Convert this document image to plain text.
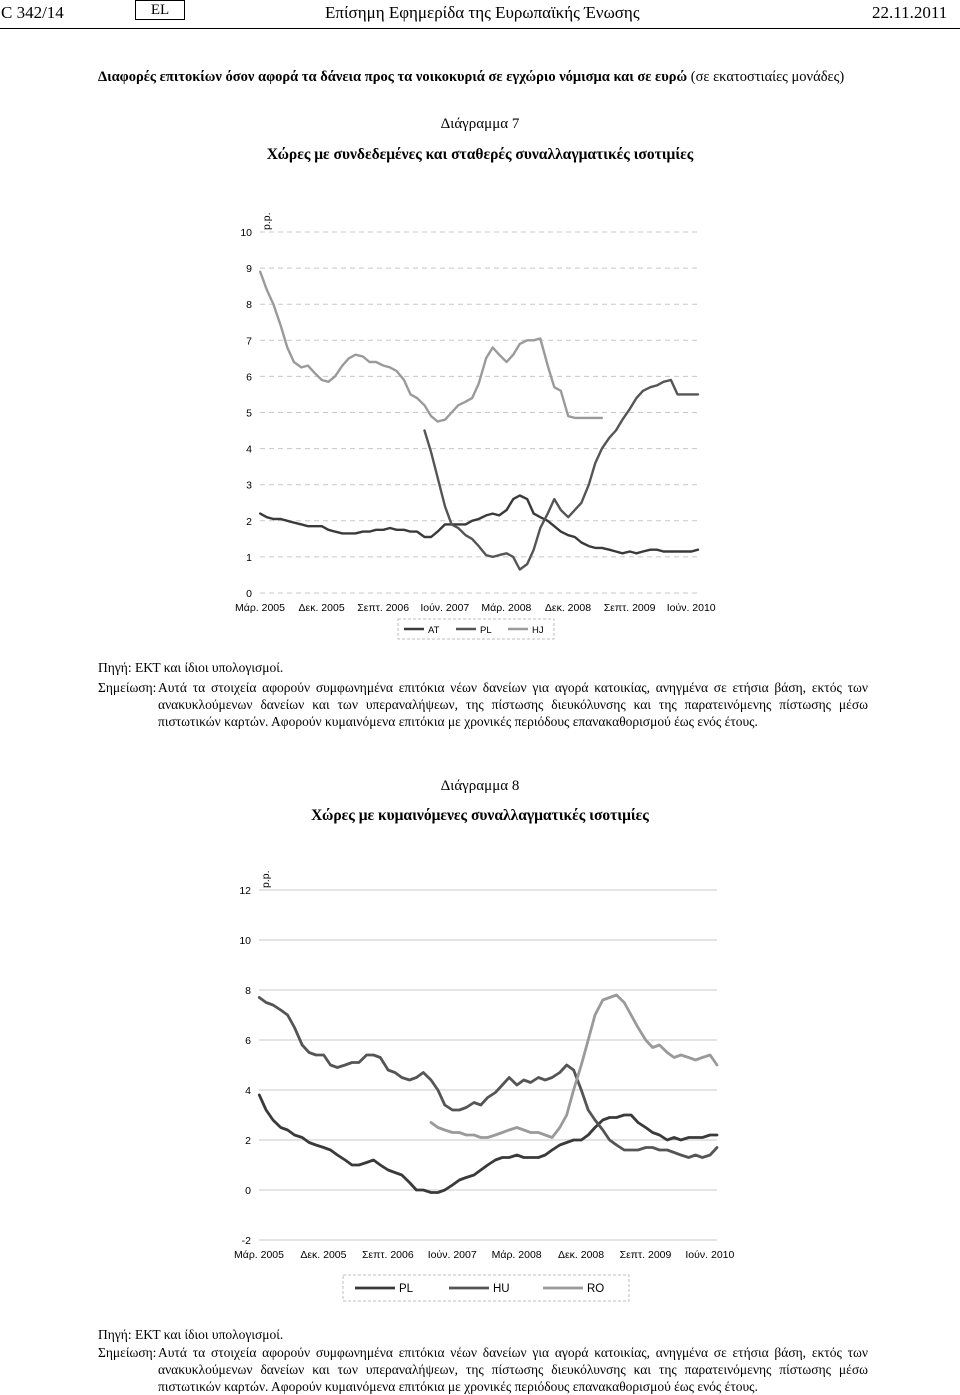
C 342/14	EL	Επίσημη Εφημερίδα της Ευρωπαϊκής Ένωσης	22.11.2011
Διαφορές επιτοκίων όσον αφορά τα δάνεια προς τα νοικοκυριά σε εγχώριο νόμισμα και σε ευρώ (σε εκατοστιαίες μονάδες)
Διάγραμμα 7
Χώρες με συνδεδεμένες και σταθερές συναλλαγματικές ισοτιμίες
0
1
2
3
4
5
6
7
8
9
10
p.p.
Μάρ. 2005 Δεκ. 2005 Σεπτ. 2006 Ιούν. 2007 Μάρ. 2008 Δεκ. 2008 Σεπτ. 2009 Ιούν. 2010
AT	PL	HJ
Πηγή: ΕΚΤ και ίδιοι υπολογισμοί.
Σημείωση: Αυτά τα στοιχεία αφορούν συμφωνημένα επιτόκια νέων δανείων για αγορά κατοικίας, ανηγμένα σε ετήσια βάση, εκτός των ανακυκλούμενων δανείων και των υπεραναλήψεων, της πίστωσης διευκόλυνσης και της παρατεινόμενης πίστωσης μέσω πιστωτικών καρτών. Αφορούν κυμαινόμενα επιτόκια με χρονικές περιόδους επανακαθορισμού έως ενός έτους.
Διάγραμμα 8
Χώρες με κυμαινόμενες συναλλαγματικές ισοτιμίες
-2
0
2
4
6
8
10
12
p.p.
Μάρ. 2005 Δεκ. 2005 Σεπτ. 2006 Ιούν. 2007 Μάρ. 2008 Δεκ. 2008 Σεπτ. 2009 Ιούν. 2010
PL	HU	RO
Πηγή: ΕΚΤ και ίδιοι υπολογισμοί.
Σημείωση: Αυτά τα στοιχεία αφορούν συμφωνημένα επιτόκια νέων δανείων για αγορά κατοικίας, ανηγμένα σε ετήσια βάση, εκτός των ανακυκλούμενων δανείων και των υπεραναλήψεων, της πίστωσης διευκόλυνσης και της παρατεινόμενης πίστωσης μέσω πιστωτικών καρτών. Αφορούν κυμαινόμενα επιτόκια με χρονικές περιόδους επανακαθορισμού έως ενός έτους.
